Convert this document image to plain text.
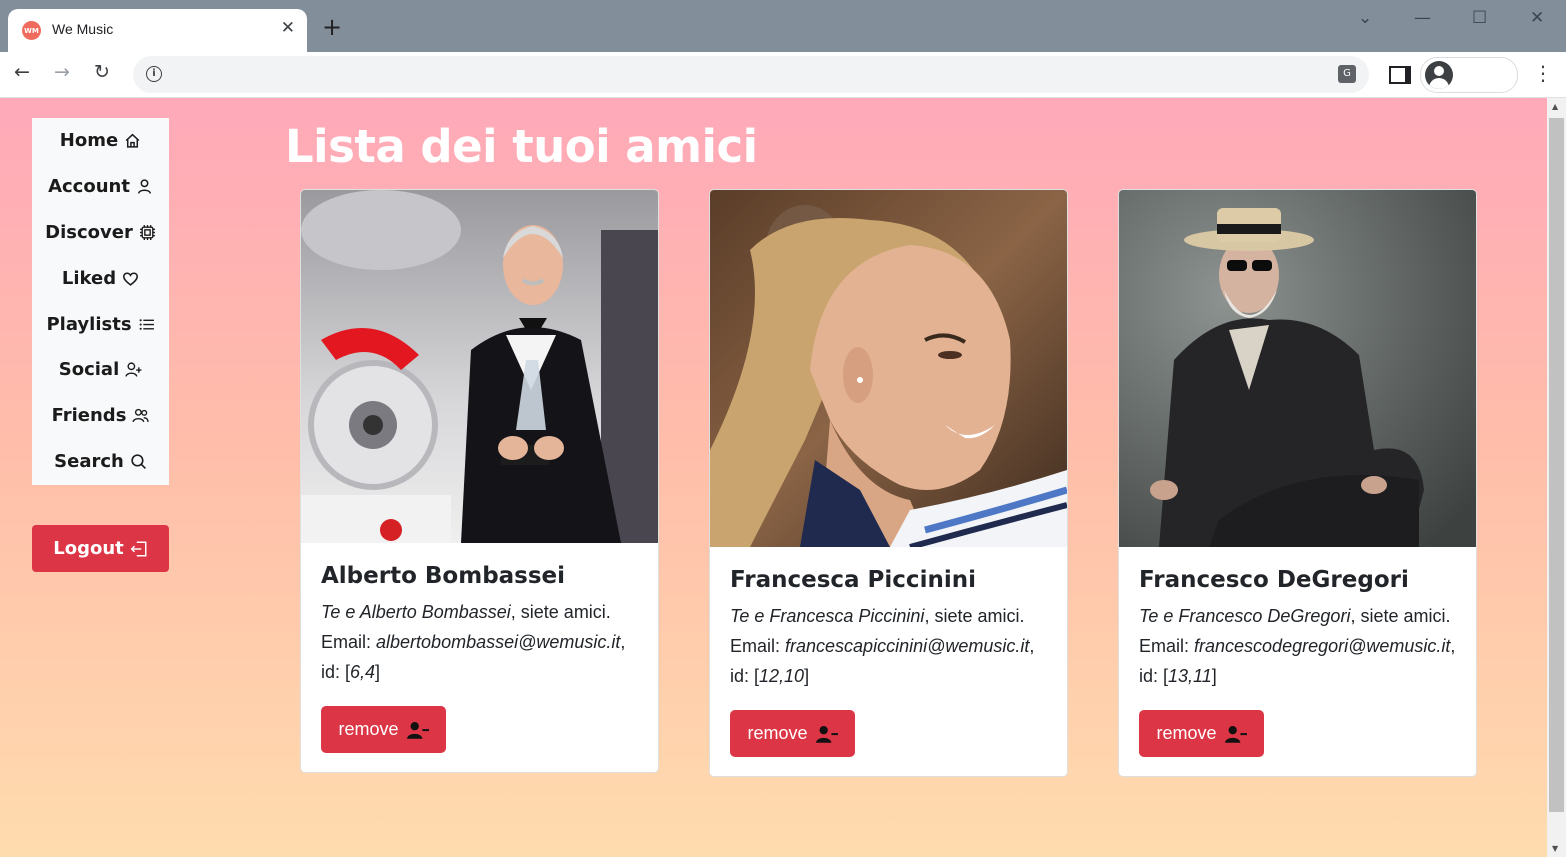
WM We Music	✕ +	⌄ — ☐	✕
← → ↻	i	G	⋮
Home
Account
Discover
Liked
Playlists
Social
Friends
Search
Logout
Lista dei tuoi amici
Alberto Bombassei

Te e Alberto Bombassei, siete amici. Email: albertobombassei@wemusic.it, id: [6,4]

remove
Francesca Piccinini

Te e Francesca Piccinini, siete amici. Email: francescapiccinini@wemusic.it, id: [12,10]

remove
Francesco DeGregori

Te e Francesco DeGregori, siete amici. Email: francescodegregori@wemusic.it, id: [13,11]

remove
▲
▼
